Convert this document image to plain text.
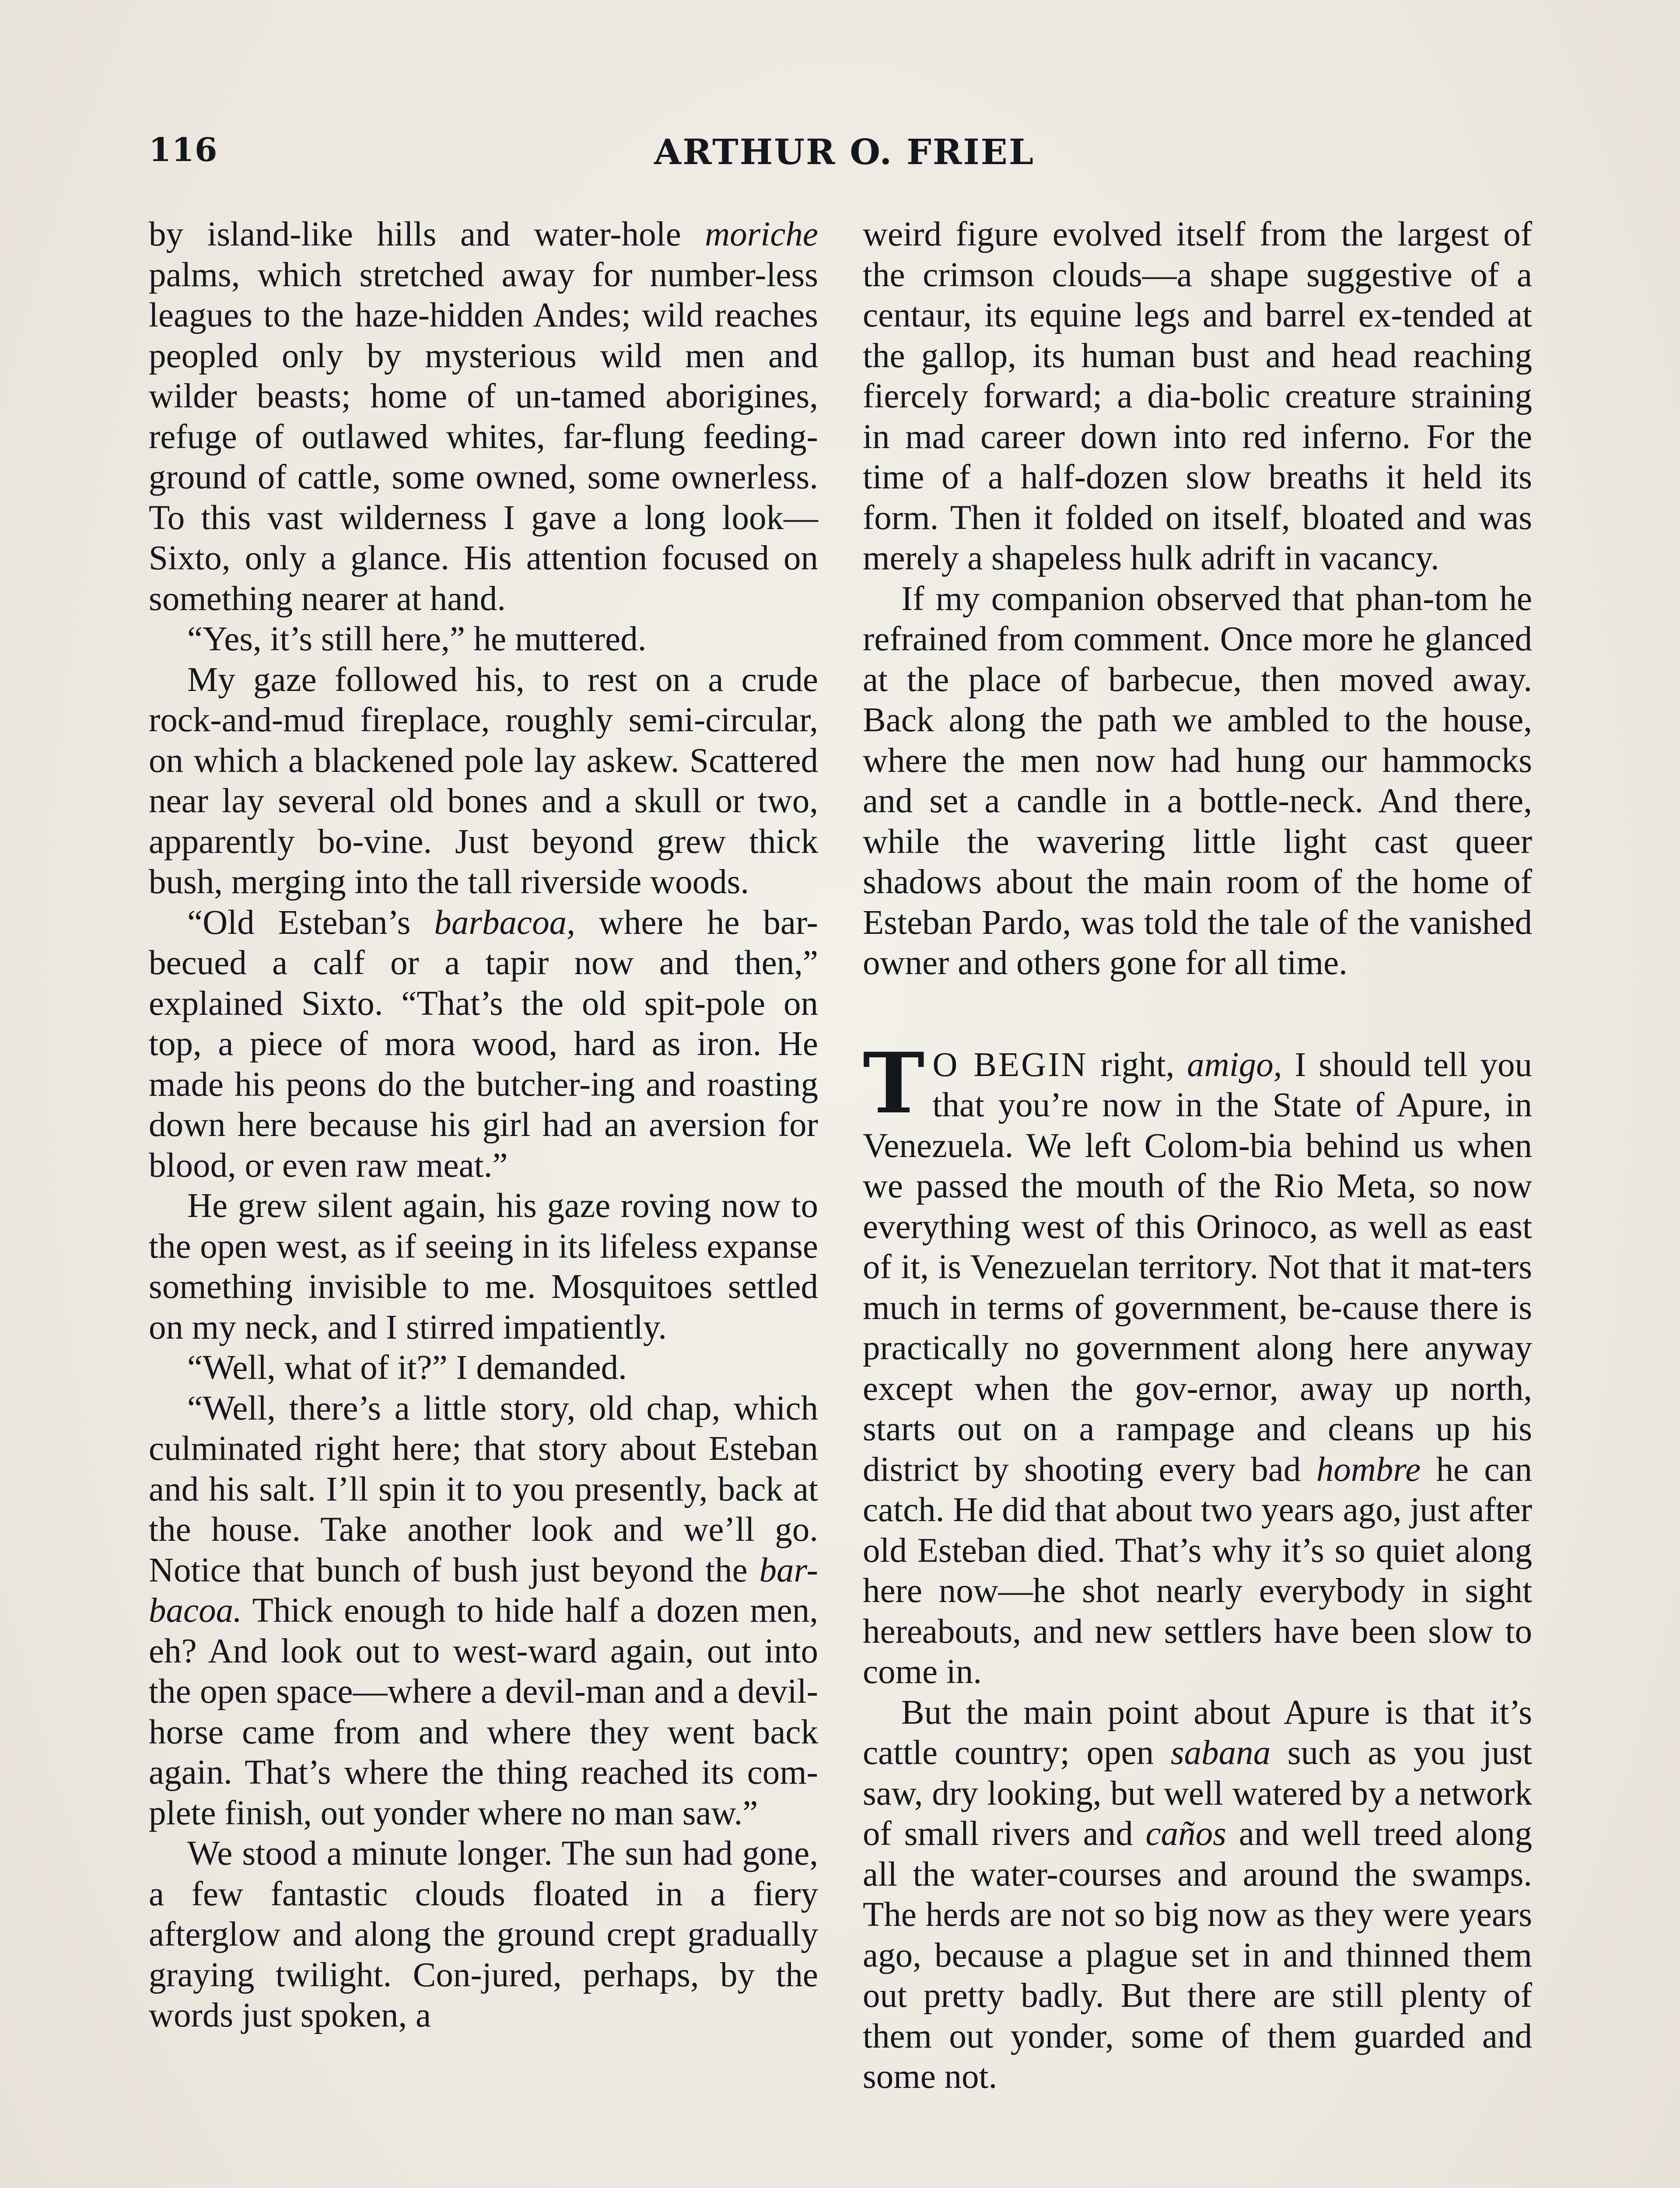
116	ARTHUR O. FRIEL

by island-like hills and water-hole moriche palms, which stretched away for number-less leagues to the haze-hidden Andes; wild reaches peopled only by mysterious wild men and wilder beasts; home of un-tamed aborigines, refuge of outlawed whites, far-flung feeding-ground of cattle, some owned, some ownerless. To this vast wilderness I gave a long look—Sixto, only a glance. His attention focused on something nearer at hand.

“Yes, it’s still here,” he muttered.

My gaze followed his, to rest on a crude rock-and-mud fireplace, roughly semi-circular, on which a blackened pole lay askew. Scattered near lay several old bones and a skull or two, apparently bo-vine. Just beyond grew thick bush, merging into the tall riverside woods.

“Old Esteban’s barbacoa, where he bar-becued a calf or a tapir now and then,” explained Sixto. “That’s the old spit-pole on top, a piece of mora wood, hard as iron. He made his peons do the butcher-ing and roasting down here because his girl had an aversion for blood, or even raw meat.”

He grew silent again, his gaze roving now to the open west, as if seeing in its lifeless expanse something invisible to me. Mosquitoes settled on my neck, and I stirred impatiently.

“Well, what of it?” I demanded.

“Well, there’s a little story, old chap, which culminated right here; that story about Esteban and his salt. I’ll spin it to you presently, back at the house. Take another look and we’ll go. Notice that bunch of bush just beyond the bar-bacoa. Thick enough to hide half a dozen men, eh? And look out to west-ward again, out into the open space—where a devil-man and a devil-horse came from and where they went back again. That’s where the thing reached its com-plete finish, out yonder where no man saw.”

We stood a minute longer. The sun had gone, a few fantastic clouds floated in a fiery afterglow and along the ground crept gradually graying twilight. Con-jured, perhaps, by the words just spoken, a

weird figure evolved itself from the largest of the crimson clouds—a shape suggestive of a centaur, its equine legs and barrel ex-tended at the gallop, its human bust and head reaching fiercely forward; a dia-bolic creature straining in mad career down into red inferno. For the time of a half-dozen slow breaths it held its form. Then it folded on itself, bloated and was merely a shapeless hulk adrift in vacancy.

If my companion observed that phan-tom he refrained from comment. Once more he glanced at the place of barbecue, then moved away. Back along the path we ambled to the house, where the men now had hung our hammocks and set a candle in a bottle-neck. And there, while the wavering little light cast queer shadows about the main room of the home of Esteban Pardo, was told the tale of the vanished owner and others gone for all time.

T O BEGIN right, amigo, I should tell you that you’re now in the State of Apure, in Venezuela. We left Colom-bia behind us when we passed the mouth of the Rio Meta, so now everything west of this Orinoco, as well as east of it, is Venezuelan territory. Not that it mat-ters much in terms of government, be-cause there is practically no government along here anyway except when the gov-ernor, away up north, starts out on a rampage and cleans up his district by shooting every bad hombre he can catch. He did that about two years ago, just after old Esteban died. That’s why it’s so quiet along here now—he shot nearly everybody in sight hereabouts, and new settlers have been slow to come in.

But the main point about Apure is that it’s cattle country; open sabana such as you just saw, dry looking, but well watered by a network of small rivers and caños and well treed along all the water-courses and around the swamps. The herds are not so big now as they were years ago, because a plague set in and thinned them out pretty badly. But there are still plenty of them out yonder, some of them guarded and some not.
